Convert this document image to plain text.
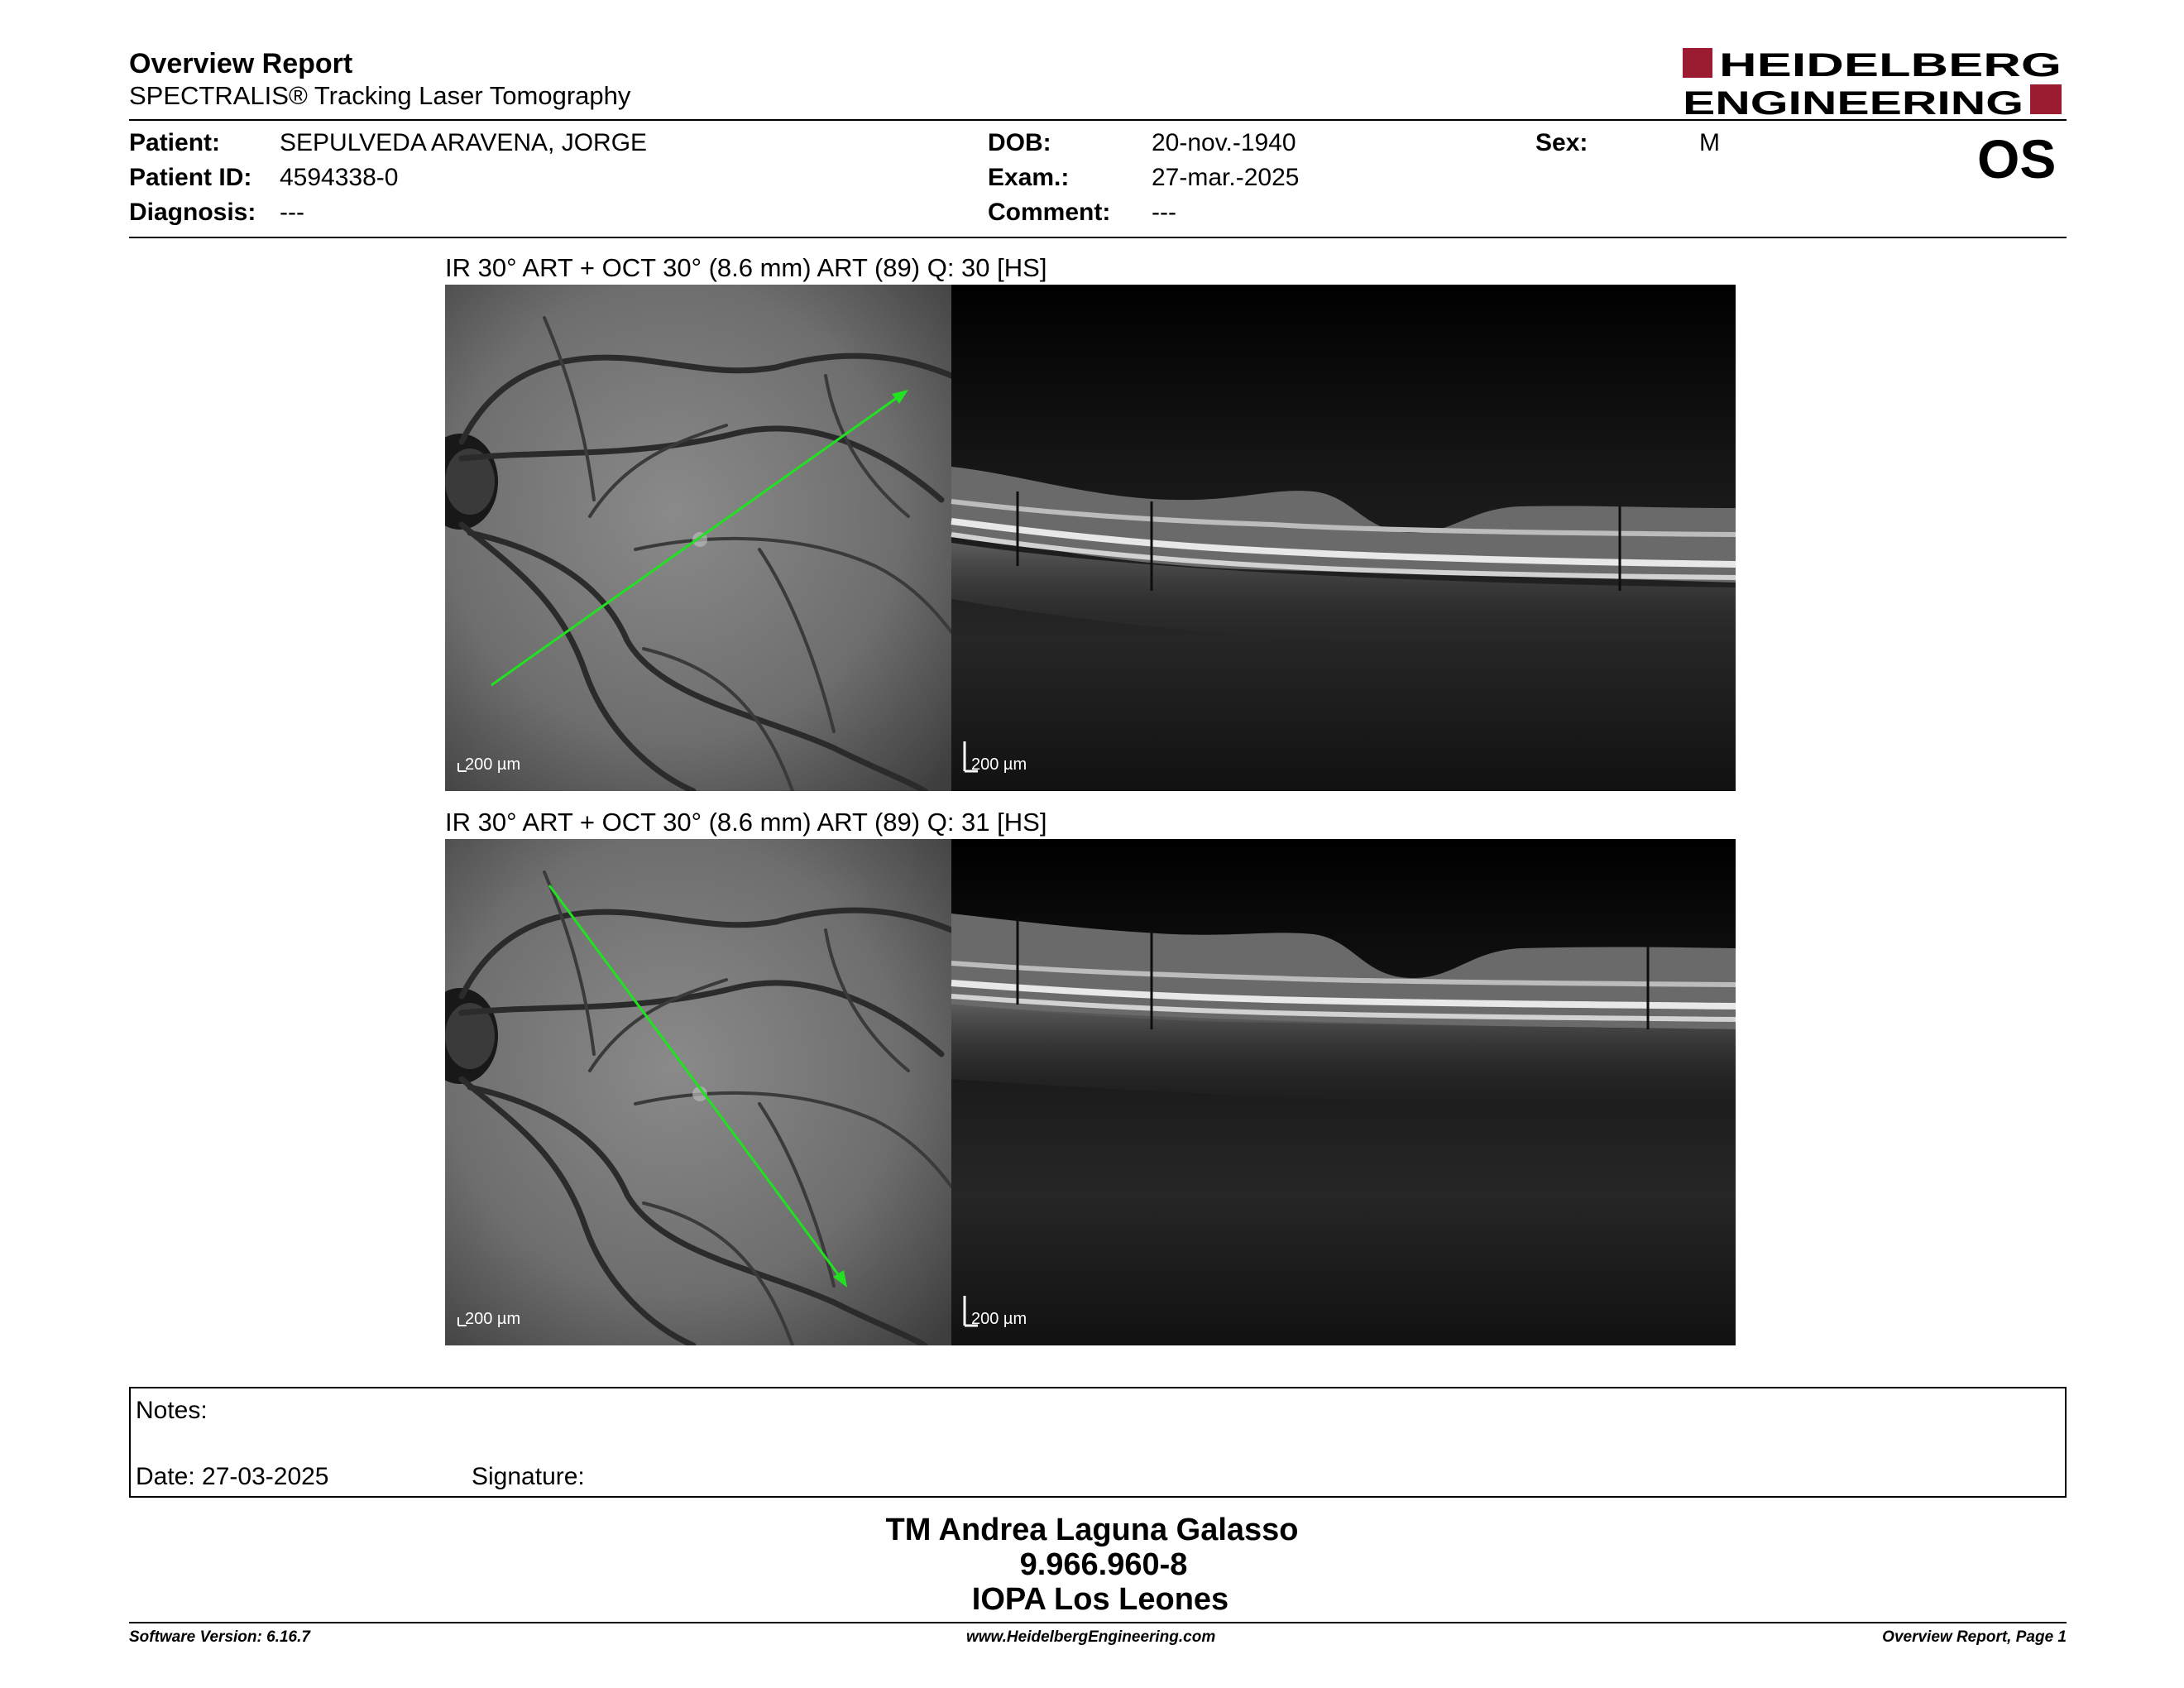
Overview Report
SPECTRALIS® Tracking Laser Tomography
HEIDELBERG
ENGINEERING
Patient: SEPULVEDA ARAVENA, JORGE
Patient ID: 4594338-0
Diagnosis: ---
DOB:	20-nov.-1940
Exam.:	27-mar.-2025
Comment: ---
Sex:	M	OS
IR 30° ART + OCT 30° (8.6 mm) ART (89) Q: 30 [HS]
200 µm	200 µm
IR 30° ART + OCT 30° (8.6 mm) ART (89) Q: 31 [HS]
200 µm	200 µm
Notes:
Date: 27-03-2025	Signature:
TM Andrea Laguna Galasso
9.966.960-8
IOPA Los Leones
Software Version: 6.16.7	www.HeidelbergEngineering.com	Overview Report, Page 1
